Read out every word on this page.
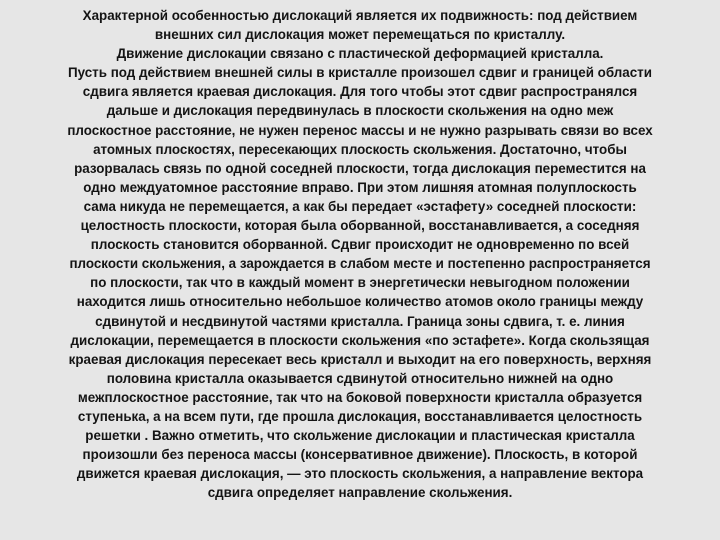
Характерной особенностью дислокаций является их подвижность: под действием
внешних сил дислокация может перемещаться по кристаллу.
Движение дислокации связано с пластической деформацией кристалла.
Пусть под действием внешней силы в кристалле произошел сдвиг и границей области
сдвига является краевая дислокация. Для того чтобы этот сдвиг распространялся
дальше и дислокация передвинулась в плоскости скольжения на одно меж
плоскостное расстояние, не нужен перенос массы и не нужно разрывать связи во всех
атомных плоскостях, пересекающих плоскость скольжения. Достаточно, чтобы
разорвалась связь по одной соседней плоскости, тогда дислокация переместится на
одно междуатомное расстояние вправо. При этом лишняя атомная полуплоскость
сама никуда не перемещается, а как бы передает «эстафету» соседней плоскости:
целостность плоскости, которая была оборванной, восстанавливается, а соседняя
плоскость становится оборванной. Сдвиг происходит не одновременно по всей
плоскости скольжения, а зарождается в слабом месте и постепенно распространяется
по плоскости, так что в каждый момент в энергетически невыгодном положении
находится лишь относительно небольшое количество атомов около границы между
сдвинутой и несдвинутой частями кристалла. Граница зоны сдвига, т. е. линия
дислокации, перемещается в плоскости скольжения «по эстафете». Когда скользящая
краевая дислокация пересекает весь кристалл и выходит на его поверхность, верхняя
половина кристалла оказывается сдвинутой относительно нижней на одно
межплоскостное расстояние, так что на боковой поверхности кристалла образуется
ступенька, а на всем пути, где прошла дислокация, восстанавливается целостность
решетки . Важно отметить, что скольжение дислокации и пластическая кристалла
произошли без переноса массы (консервативное движение). Плоскость, в которой
движется краевая дислокация, — это плоскость скольжения, а направление вектора
сдвига определяет направление скольжения.
